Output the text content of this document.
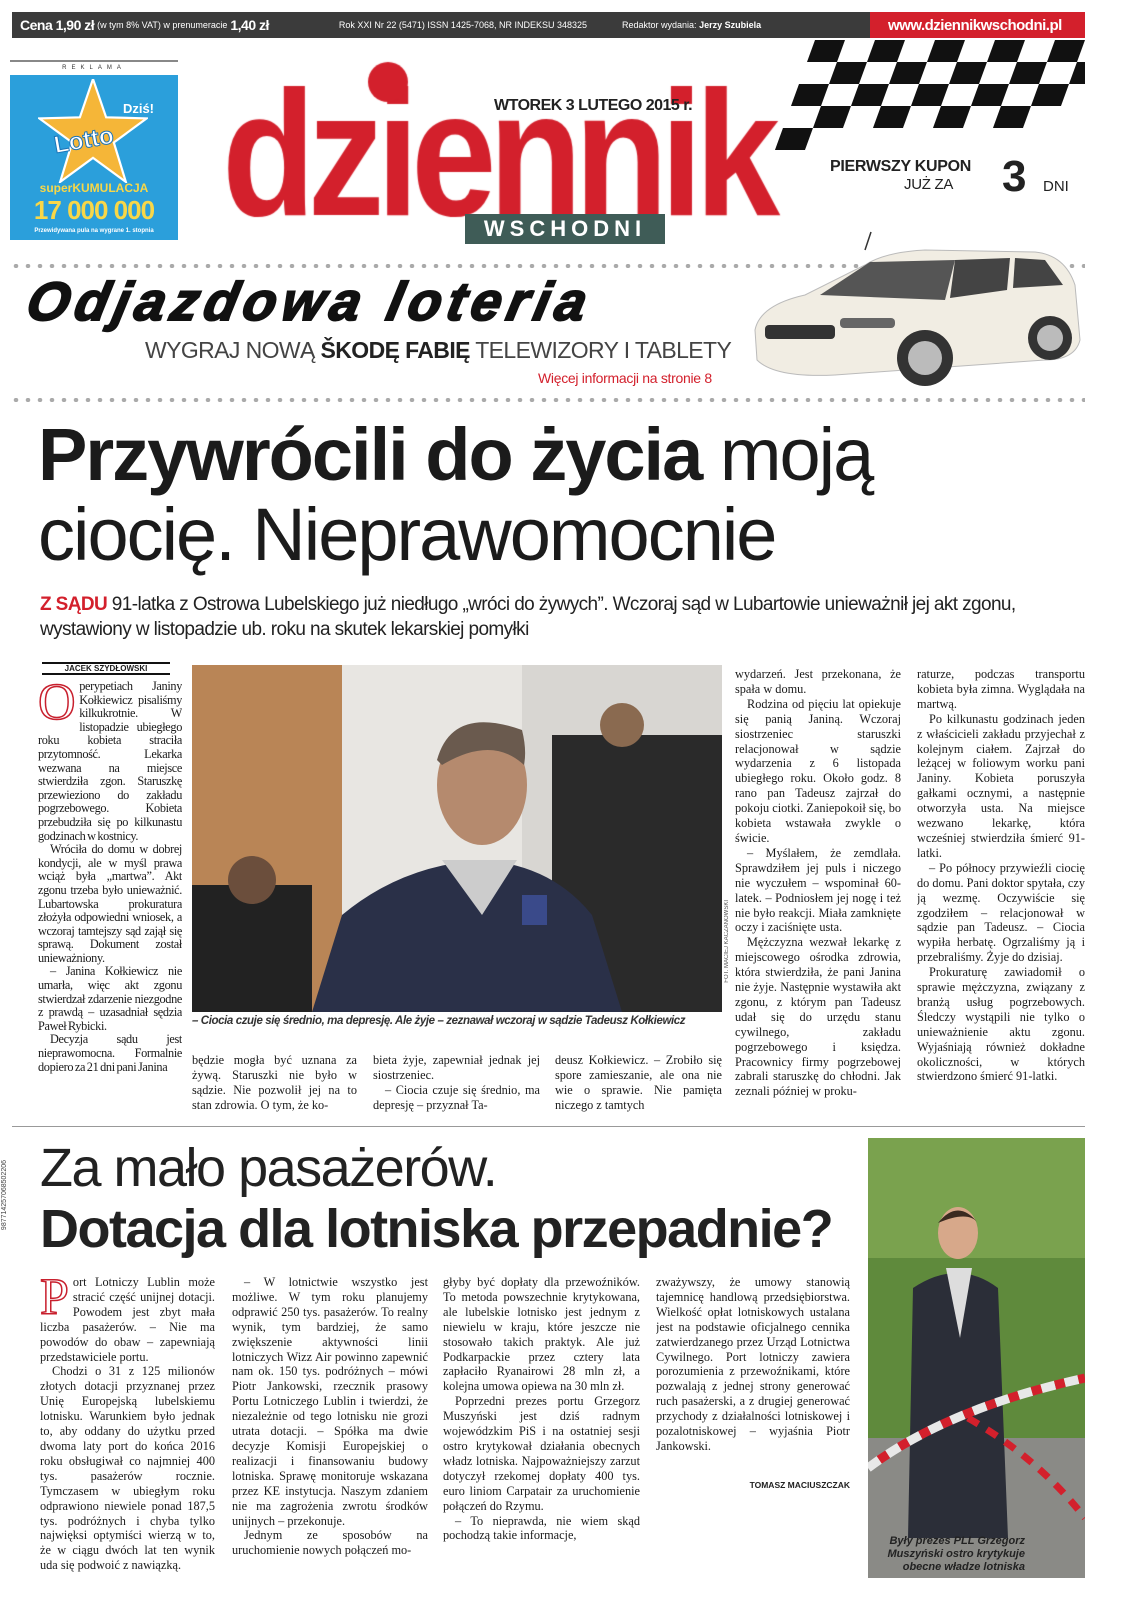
Cena 1,90 zł (w tym 8% VAT) w prenumeracie 1,40 zł	Rok XXI Nr 22 (5471) ISSN 1425-7068, NR INDEKSU 348325	Redaktor wydania: Jerzy Szubiela	www.dziennikwschodni.pl
REKLAMA
Dziś!
Lotto
superKUMULACJA
17 000 000
Przewidywana pula na wygrane 1. stopnia	WSCHODNI
WTOREK 3 LUTEGO 2015 r.
PIERWSZY KUPON
JUŻ ZA	3 DNI
Odjazdowa loteria
WYGRAJ NOWĄ ŠKODĘ FABIĘ TELEWIZORY I TABLETY
Więcej informacji na stronie 8
Przywrócili do życia moją
ciocię. Nieprawomocnie
Z SĄDU 91-latka z Ostrowa Lubelskiego już niedługo „wróci do żywych”. Wczoraj sąd w Lubartowie unieważnił jej akt zgonu, wystawiony w listopadzie ub. roku na skutek lekarskiej pomyłki
JACEK SZYDŁOWSKI
O perypetiach Janiny Kołkiewicz pisaliśmy kilkukrotnie. W listopadzie ubiegłego roku kobieta straciła przytomność. Lekarka wezwana na miejsce stwierdziła zgon. Staruszkę przewieziono do zakładu pogrzebowego. Kobieta przebudziła się po kilkunastu godzinach w kostnicy.

Wróciła do domu w dobrej kondycji, ale w myśl prawa wciąż była „martwa”. Akt zgonu trzeba było unieważnić. Lubartowska prokuratura złożyła odpowiedni wniosek, a wczoraj tamtejszy sąd zajął się sprawą. Dokument został unieważniony.

– Janina Kołkiewicz nie umarła, więc akt zgonu stwierdzał zdarzenie niezgodne z prawdą – uzasadniał sędzia Paweł Rybicki.

Decyzja sądu jest nieprawomocna. Formalnie dopiero za 21 dni pani Janina

FOT. MACIEJ KACZANOWSKI
– Ciocia czuje się średnio, ma depresję. Ale żyje – zeznawał wczoraj w sądzie Tadeusz Kołkiewicz

będzie mogła być uznana za żywą. Staruszki nie było w sądzie. Nie pozwolił jej na to stan zdrowia. O tym, że ko-

bieta żyje, zapewniał jednak jej siostrzeniec.

– Ciocia czuje się średnio, ma depresję – przyznał Ta-

deusz Kołkiewicz. – Zrobiło się spore zamieszanie, ale ona nie wie o sprawie. Nie pamięta niczego z tamtych

wydarzeń. Jest przekonana, że spała w domu.

Rodzina od pięciu lat opiekuje się panią Janiną. Wczoraj siostrzeniec staruszki relacjonował w sądzie wydarzenia z 6 listopada ubiegłego roku. Około godz. 8 rano pan Tadeusz zajrzał do pokoju ciotki. Zaniepokoił się, bo kobieta wstawała zwykle o świcie.

– Myślałem, że zemdlała. Sprawdziłem jej puls i niczego nie wyczułem – wspominał 60-latek. – Podniosłem jej nogę i też nie było reakcji. Miała zamknięte oczy i zaciśnięte usta.

Mężczyzna wezwał lekarkę z miejscowego ośrodka zdrowia, która stwierdziła, że pani Janina nie żyje. Następnie wystawiła akt zgonu, z którym pan Tadeusz udał się do urzędu stanu cywilnego, zakładu pogrzebowego i księdza. Pracownicy firmy pogrzebowej zabrali staruszkę do chłodni. Jak zeznali później w proku-

raturze, podczas transportu kobieta była zimna. Wyglądała na martwą.

Po kilkunastu godzinach jeden z właścicieli zakładu przyjechał z kolejnym ciałem. Zajrzał do leżącej w foliowym worku pani Janiny. Kobieta poruszyła gałkami ocznymi, a następnie otworzyła usta. Na miejsce wezwano lekarkę, która wcześniej stwierdziła śmierć 91-latki.

– Po północy przywieźli ciocię do domu. Pani doktor spytała, czy ją wezmę. Oczywiście się zgodziłem – relacjonował w sądzie pan Tadeusz. – Ciocia wypiła herbatę. Ogrzaliśmy ją i przebraliśmy. Żyje do dzisiaj.

Prokuraturę zawiadomił o sprawie mężczyzna, związany z branżą usług pogrzebowych. Śledczy wystąpili nie tylko o unieważnienie aktu zgonu. Wyjaśniają również dokładne okoliczności, w których stwierdzono śmierć 91-latki.

987714257068502206 Za mało pasażerów.
Dotacja dla lotniska przepadnie?
P ort Lotniczy Lublin może stracić część unijnej dotacji. Powodem jest zbyt mała liczba pasażerów. – Nie ma powodów do obaw – zapewniają przedstawiciele portu.

Chodzi o 31 z 125 milionów złotych dotacji przyznanej przez Unię Europejską lubelskiemu lotnisku. Warunkiem było jednak to, aby oddany do użytku przed dwoma laty port do końca 2016 roku obsługiwał co najmniej 400 tys. pasażerów rocznie. Tymczasem w ubiegłym roku odprawiono niewiele ponad 187,5 tys. podróżnych i chyba tylko najwięksi optymiści wierzą w to, że w ciągu dwóch lat ten wynik uda się podwoić z nawiązką.

– W lotnictwie wszystko jest możliwe. W tym roku planujemy odprawić 250 tys. pasażerów. To realny wynik, tym bardziej, że samo zwiększenie aktywności linii lotniczych Wizz Air powinno zapewnić nam ok. 150 tys. podróżnych – mówi Piotr Jankowski, rzecznik prasowy Portu Lotniczego Lublin i twierdzi, że niezależnie od tego lotnisku nie grozi utrata dotacji. – Spółka ma dwie decyzje Komisji Europejskiej o realizacji i finansowaniu budowy lotniska. Sprawę monitoruje wskazana przez KE instytucja. Naszym zdaniem nie ma zagrożenia zwrotu środków unijnych – przekonuje.

Jednym ze sposobów na uruchomienie nowych połączeń mo-

głyby być dopłaty dla przewoźników. To metoda powszechnie krytykowana, ale lubelskie lotnisko jest jednym z niewielu w kraju, które jeszcze nie stosowało takich praktyk. Ale już Podkarpackie przez cztery lata zapłaciło Ryanairowi 28 mln zł, a kolejna umowa opiewa na 30 mln zł.

Poprzedni prezes portu Grzegorz Muszyński jest dziś radnym wojewódzkim PiS i na ostatniej sesji ostro krytykował działania obecnych władz lotniska. Najpoważniejszy zarzut dotyczył rzekomej dopłaty 400 tys. euro liniom Carpatair za uruchomienie połączeń do Rzymu.

– To nieprawda, nie wiem skąd pochodzą takie informacje,

zważywszy, że umowy stanowią tajemnicę handlową przedsiębiorstwa. Wielkość opłat lotniskowych ustalana jest na podstawie oficjalnego cennika zatwierdzanego przez Urząd Lotnictwa Cywilnego. Port lotniczy zawiera porozumienia z przewoźnikami, które pozwalają z jednej strony generować ruch pasażerski, a z drugiej generować przychody z działalności lotniskowej i pozalotniskowej – wyjaśnia Piotr Jankowski.

TOMASZ MACIUSZCZAK
Były prezes PLL Grzegorz Muszyński ostro krytykuje obecne władze lotniska
